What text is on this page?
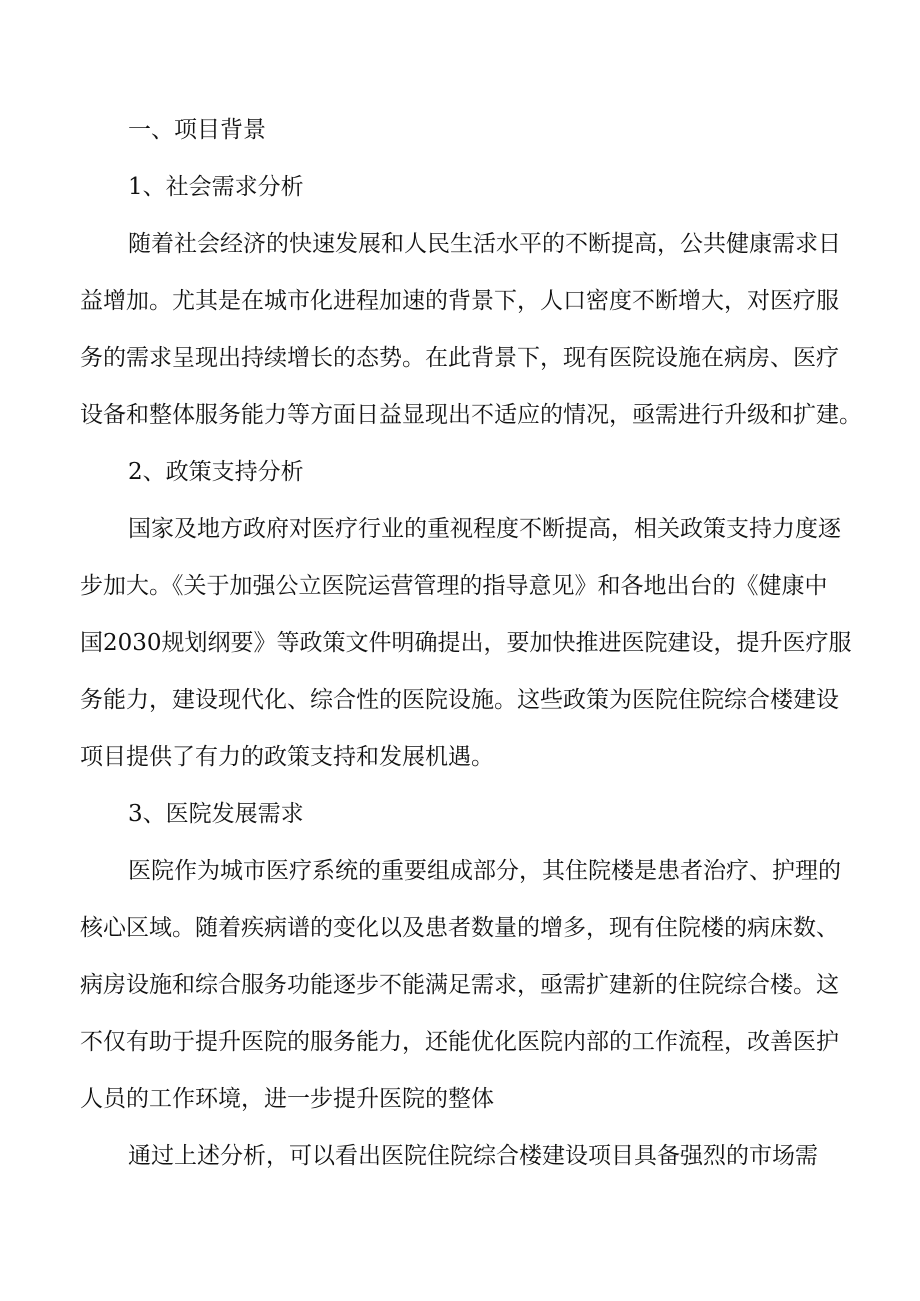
一、项目背景

1、社会需求分析

随着社会经济的快速发展和人民生活水平的不断提高，公共健康需求日
益增加。尤其是在城市化进程加速的背景下，人口密度不断增大，对医疗服
务的需求呈现出持续增长的态势。在此背景下，现有医院设施在病房、医疗
设备和整体服务能力等方面日益显现出不适应的情况，亟需进行升级和扩建。

2、政策支持分析

国家及地方政府对医疗行业的重视程度不断提高，相关政策支持力度逐
步加大。《关于加强公立医院运营管理的指导意见》和各地出台的《健康中
国2030规划纲要》等政策文件明确提出，要加快推进医院建设，提升医疗服
务能力，建设现代化、综合性的医院设施。这些政策为医院住院综合楼建设
项目提供了有力的政策支持和发展机遇。

3、医院发展需求

医院作为城市医疗系统的重要组成部分，其住院楼是患者治疗、护理的
核心区域。随着疾病谱的变化以及患者数量的增多，现有住院楼的病床数、
病房设施和综合服务功能逐步不能满足需求，亟需扩建新的住院综合楼。这
不仅有助于提升医院的服务能力，还能优化医院内部的工作流程，改善医护
人员的工作环境，进一步提升医院的整体

通过上述分析，可以看出医院住院综合楼建设项目具备强烈的市场需
